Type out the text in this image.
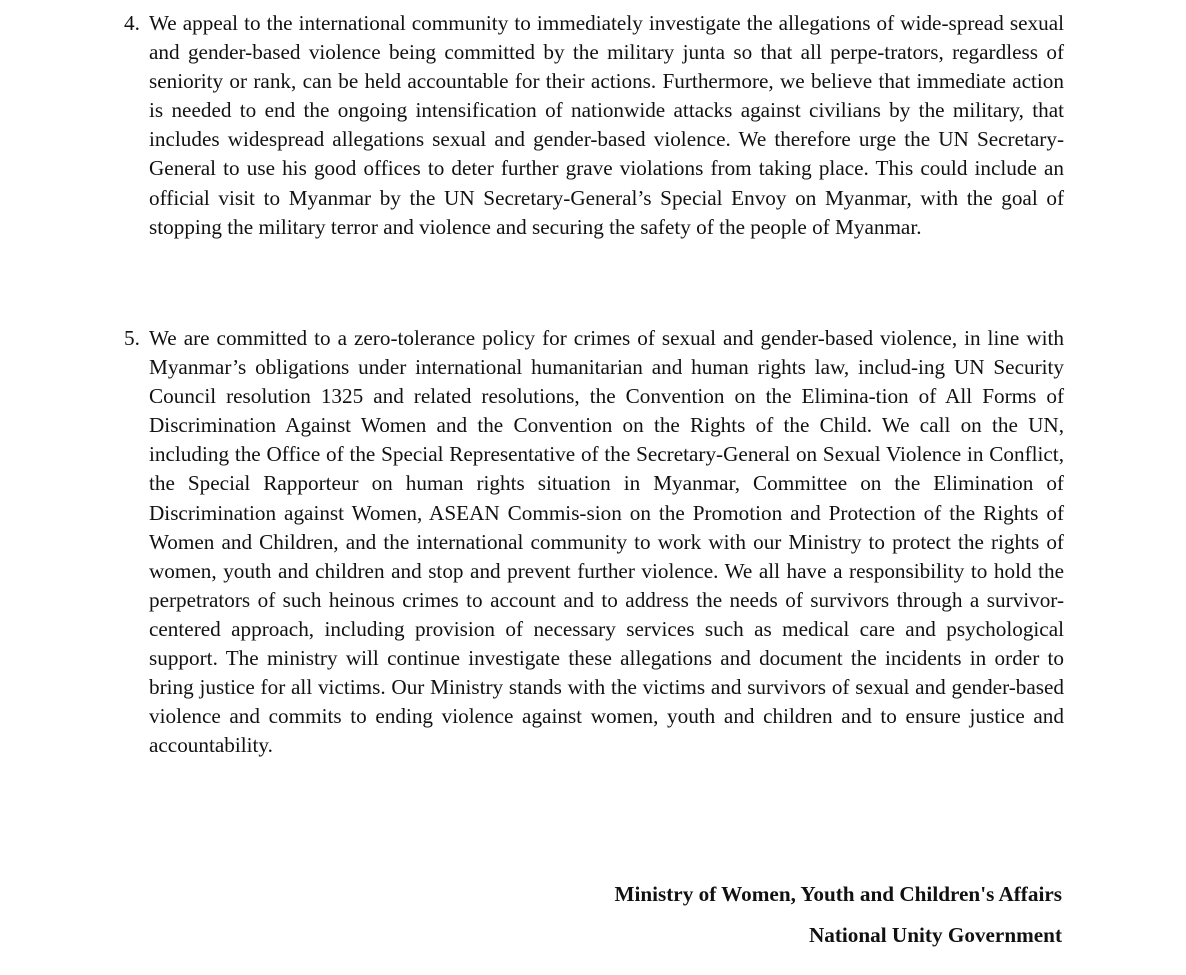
4. We appeal to the international community to immediately investigate the allegations of wide-spread sexual and gender-based violence being committed by the military junta so that all perpe-trators, regardless of seniority or rank, can be held accountable for their actions. Furthermore, we believe that immediate action is needed to end the ongoing intensification of nationwide attacks against civilians by the military, that includes widespread allegations sexual and gender-based violence. We therefore urge the UN Secretary-General to use his good offices to deter further grave violations from taking place. This could include an official visit to Myanmar by the UN Secretary-General’s Special Envoy on Myanmar, with the goal of stopping the military terror and violence and securing the safety of the people of Myanmar.
5. We are committed to a zero-tolerance policy for crimes of sexual and gender-based violence, in line with Myanmar’s obligations under international humanitarian and human rights law, includ-ing UN Security Council resolution 1325 and related resolutions, the Convention on the Elimina-tion of All Forms of Discrimination Against Women and the Convention on the Rights of the Child. We call on the UN, including the Office of the Special Representative of the Secretary-General on Sexual Violence in Conflict, the Special Rapporteur on human rights situation in Myanmar, Committee on the Elimination of Discrimination against Women, ASEAN Commis-sion on the Promotion and Protection of the Rights of Women and Children, and the international community to work with our Ministry to protect the rights of women, youth and children and stop and prevent further violence. We all have a responsibility to hold the perpetrators of such heinous crimes to account and to address the needs of survivors through a survivor-centered approach, including provision of necessary services such as medical care and psychological support. The ministry will continue investigate these allegations and document the incidents in order to bring justice for all victims. Our Ministry stands with the victims and survivors of sexual and gender-based violence and commits to ending violence against women, youth and children and to ensure justice and accountability.
Ministry of Women, Youth and Children's Affairs
National Unity Government
